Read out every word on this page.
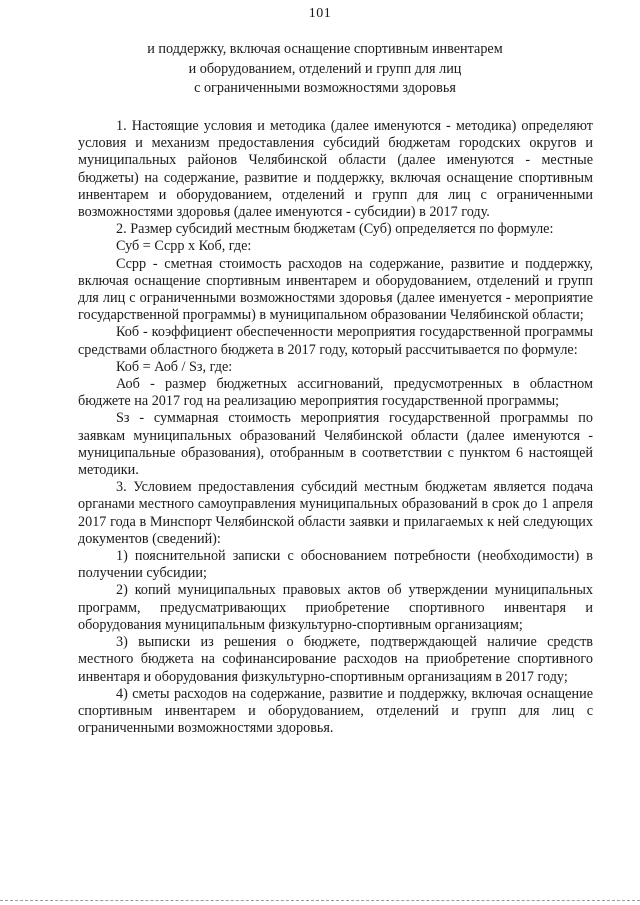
101
и поддержку, включая оснащение спортивным инвентарем
и оборудованием, отделений и групп для лиц
с ограниченными возможностями здоровья

1. Настоящие условия и методика (далее именуются - методика) определяют условия и механизм предоставления субсидий бюджетам городских округов и муниципальных районов Челябинской области (далее именуются - местные бюджеты) на содержание, развитие и поддержку, включая оснащение спортивным инвентарем и оборудованием, отделений и групп для лиц с ограниченными возможностями здоровья (далее именуются - субсидии) в 2017 году.

2. Размер субсидий местным бюджетам (Суб) определяется по формуле:

Суб = Ссрр x Коб, где:

Ссрр - сметная стоимость расходов на содержание, развитие и поддержку, включая оснащение спортивным инвентарем и оборудованием, отделений и групп для лиц с ограниченными возможностями здоровья (далее именуется - мероприятие государственной программы) в муниципальном образовании Челябинской области;

Коб - коэффициент обеспеченности мероприятия государственной программы средствами областного бюджета в 2017 году, который рассчитывается по формуле:

Коб = Аоб / Sз, где:

Аоб - размер бюджетных ассигнований, предусмотренных в областном бюджете на 2017 год на реализацию мероприятия государственной программы;

Sз - суммарная стоимость мероприятия государственной программы по заявкам муниципальных образований Челябинской области (далее именуются - муниципальные образования), отобранным в соответствии с пунктом 6 настоящей методики.

3. Условием предоставления субсидий местным бюджетам является подача органами местного самоуправления муниципальных образований в срок до 1 апреля 2017 года в Минспорт Челябинской области заявки и прилагаемых к ней следующих документов (сведений):

1) пояснительной записки с обоснованием потребности (необходимости) в получении субсидии;

2) копий муниципальных правовых актов об утверждении муниципальных программ, предусматривающих приобретение спортивного инвентаря и оборудования муниципальным физкультурно-спортивным организациям;

3) выписки из решения о бюджете, подтверждающей наличие средств местного бюджета на софинансирование расходов на приобретение спортивного инвентаря и оборудования физкультурно-спортивным организациям в 2017 году;

4) сметы расходов на содержание, развитие и поддержку, включая оснащение спортивным инвентарем и оборудованием, отделений и групп для лиц с ограниченными возможностями здоровья.
